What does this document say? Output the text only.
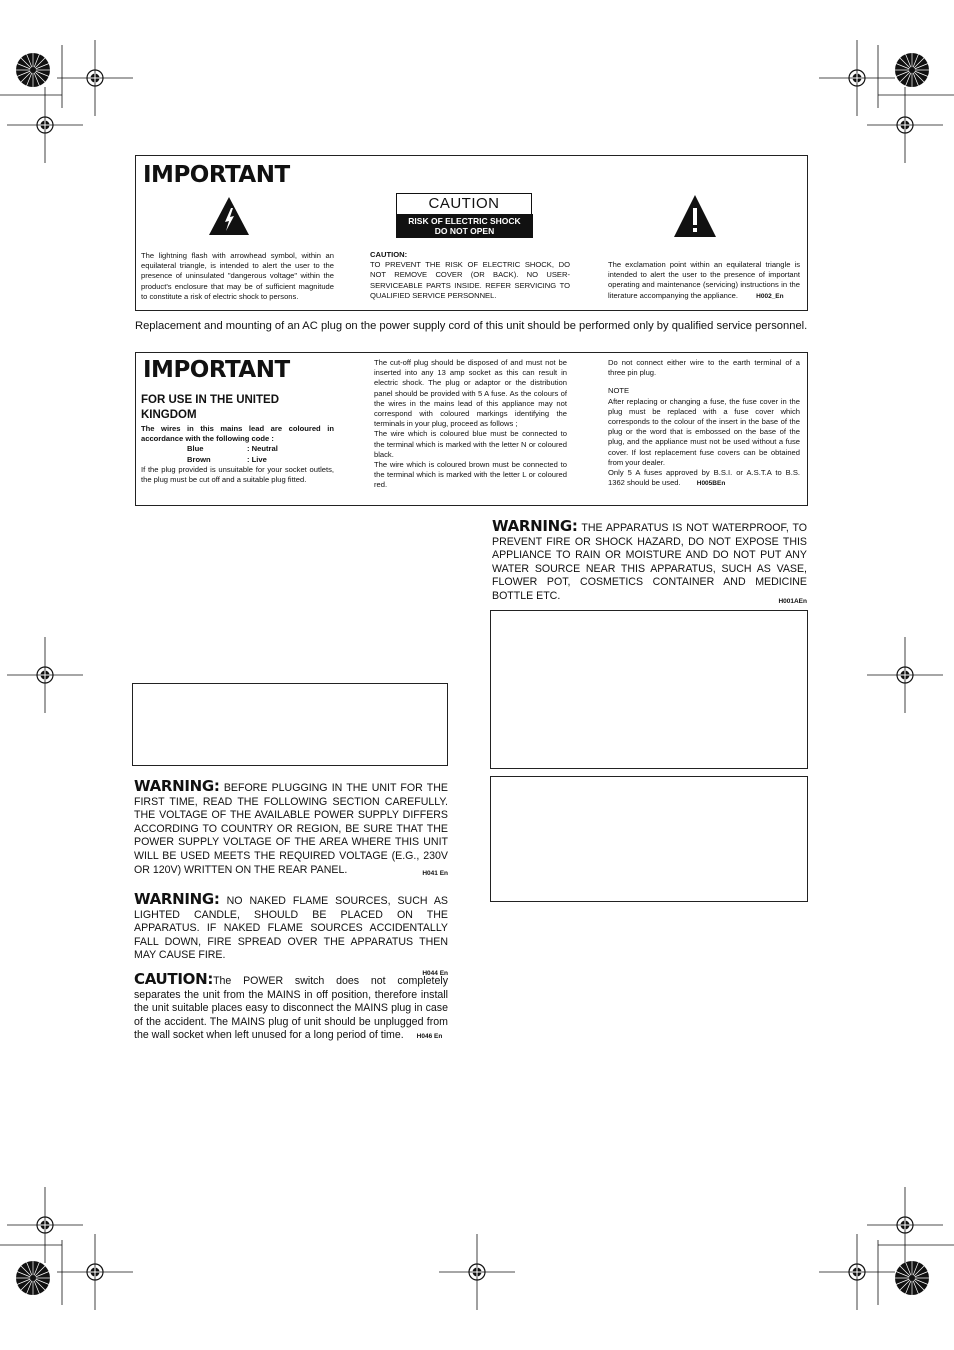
IMPORTANT
CAUTION
RISK OF ELECTRIC SHOCK
DO NOT OPEN
The lightning flash with arrowhead symbol, within an equilateral triangle, is intended to alert the user to the presence of uninsulated "dangerous voltage" within the product's enclosure that may be of sufficient magnitude to constitute a risk of electric shock to persons.
CAUTION:
TO PREVENT THE RISK OF ELECTRIC SHOCK, DO NOT REMOVE COVER (OR BACK). NO USER-SERVICEABLE PARTS INSIDE. REFER SERVICING TO QUALIFIED SERVICE PERSONNEL.
The exclamation point within an equilateral triangle is intended to alert the user to the presence of important operating and maintenance (servicing) instructions in the literature accompanying the appliance.	H002_En
Replacement and mounting of an AC plug on the power supply cord of this unit should be performed only by qualified service personnel.
IMPORTANT
FOR USE IN THE UNITED KINGDOM
The wires in this mains lead are coloured in accordance with the following code :
Blue	: Neutral
Brown	: Live
If the plug provided is unsuitable for your socket outlets, the plug must be cut off and a suitable plug fitted.
The cut-off plug should be disposed of and must not be inserted into any 13 amp socket as this can result in electric shock. The plug or adaptor or the distribution panel should be provided with 5 A fuse. As the colours of the wires in the mains lead of this appliance may not correspond with coloured markings identifying the terminals in your plug, proceed as follows ;
The wire which is coloured blue must be connected to the terminal which is marked with the letter N or coloured black.
The wire which is coloured brown must be connected to the terminal which is marked with the letter L or coloured red.
Do not connect either wire to the earth terminal of a three pin plug.
NOTE
After replacing or changing a fuse, the fuse cover in the plug must be replaced with a fuse cover which corresponds to the colour of the insert in the base of the plug or the word that is embossed on the base of the plug, and the appliance must not be used without a fuse cover. If lost replacement fuse covers can be obtained from your dealer.
Only 5 A fuses approved by B.S.I. or A.S.T.A to B.S. 1362 should be used. H005BEn
WARNING: THE APPARATUS IS NOT WATERPROOF, TO PREVENT FIRE OR SHOCK HAZARD, DO NOT EXPOSE THIS APPLIANCE TO RAIN OR MOISTURE AND DO NOT PUT ANY WATER SOURCE NEAR THIS APPARATUS, SUCH AS VASE, FLOWER POT, COSMETICS CONTAINER AND MEDICINE BOTTLE ETC.	H001AEn
WARNING: BEFORE PLUGGING IN THE UNIT FOR THE FIRST TIME, READ THE FOLLOWING SECTION CAREFULLY. THE VOLTAGE OF THE AVAILABLE POWER SUPPLY DIFFERS ACCORDING TO COUNTRY OR REGION, BE SURE THAT THE POWER SUPPLY VOLTAGE OF THE AREA WHERE THIS UNIT WILL BE USED MEETS THE REQUIRED VOLTAGE (E.G., 230V OR 120V) WRITTEN ON THE REAR PANEL.	H041 En
WARNING: NO NAKED FLAME SOURCES, SUCH AS LIGHTED CANDLE, SHOULD BE PLACED ON THE APPARATUS. IF NAKED FLAME SOURCES ACCIDENTALLY FALL DOWN, FIRE SPREAD OVER THE APPARATUS THEN MAY CAUSE FIRE.
H044 En
CAUTION:The POWER switch does not completely separates the unit from the MAINS in off position, therefore install the unit suitable places easy to disconnect the MAINS plug in case of the accident. The MAINS plug of unit should be unplugged from the wall socket when left unused for a long period of time. H046 En
